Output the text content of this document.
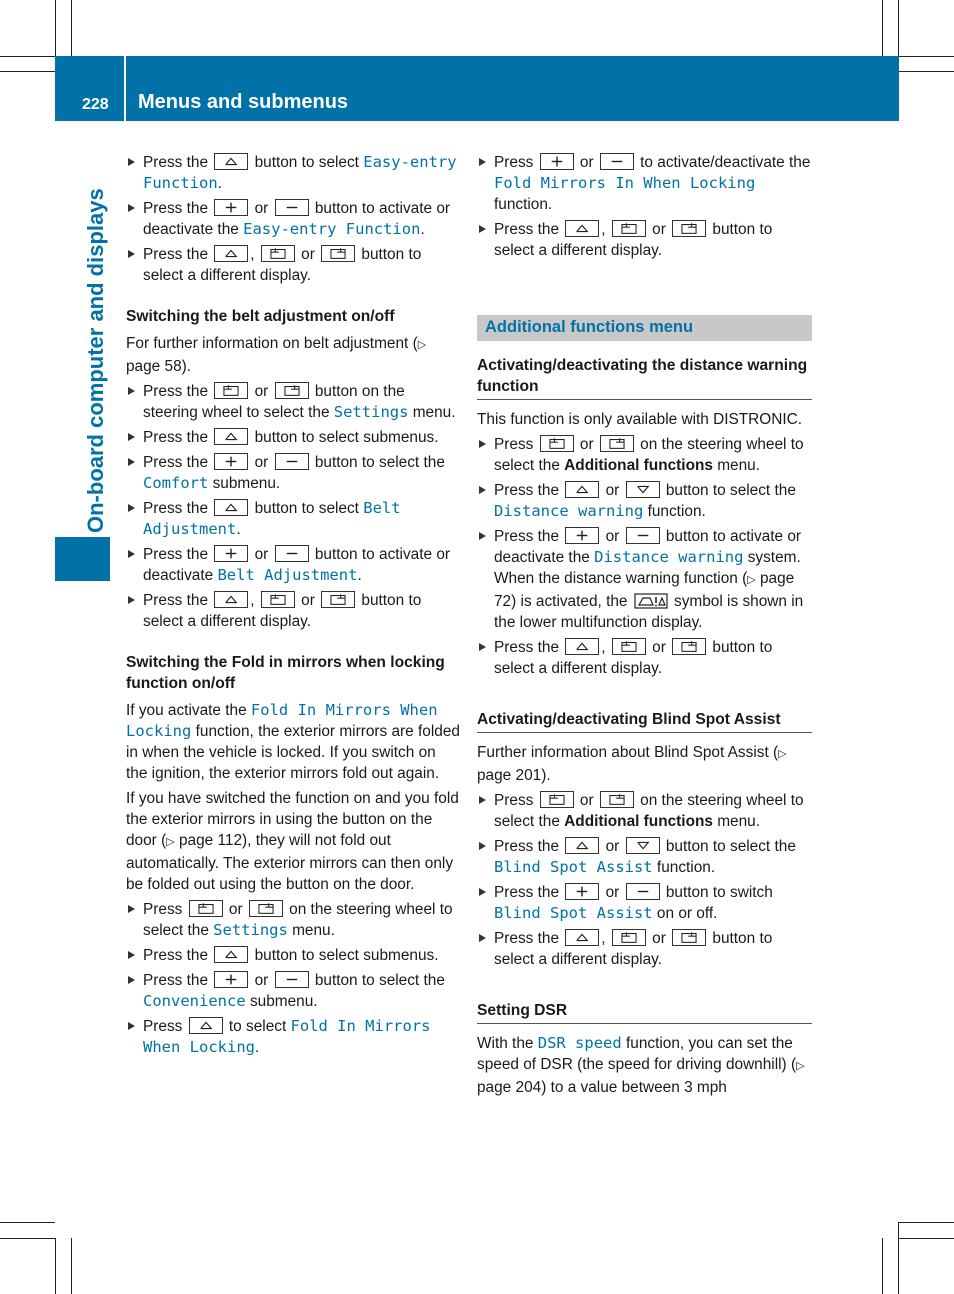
228 Menus and submenus
On-board computer and displays
Press the	button to select Easy-entry Function.
Press the	or	button to activate or deactivate the Easy-entry Function.
Press the	,	or	button to select a different display.
Switching the belt adjustment on/off
For further information on belt adjustment (▷ page 58).
Press the	or	button on the steering wheel to select the Settings menu.
Press the	button to select submenus.
Press the	or	button to select the Comfort submenu.
Press the	button to select Belt Adjustment.
Press the	or	button to activate or deactivate Belt Adjustment.
Press the	,	or	button to select a different display.
Switching the Fold in mirrors when locking function on/off
If you activate the Fold In Mirrors When Locking function, the exterior mirrors are folded in when the vehicle is locked. If you switch on the ignition, the exterior mirrors fold out again.
If you have switched the function on and you fold the exterior mirrors in using the button on the door (▷ page 112), they will not fold out automatically. The exterior mirrors can then only be folded out using the button on the door.
Press	or	on the steering wheel to select the Settings menu.
Press the	button to select submenus.
Press the	or	button to select the Convenience submenu.
Press	to select Fold In Mirrors When Locking.
Press	or	to activate/deactivate the Fold Mirrors In When Locking function.
Press the	,	or	button to select a different display.
Additional functions menu
Activating/deactivating the distance warning function
This function is only available with DISTRONIC.
Press	or	on the steering wheel to select the Additional functions menu.
Press the	or	button to select the Distance warning function.
Press the	or	button to activate or deactivate the Distance warning system.
When the distance warning function (▷ page 72) is activated, the	symbol is shown in the lower multifunction display.
Press the	,	or	button to select a different display.
Activating/deactivating Blind Spot Assist
Further information about Blind Spot Assist (▷ page 201).
Press	or	on the steering wheel to select the Additional functions menu.
Press the	or	button to select the Blind Spot Assist function.
Press the	or	button to switch Blind Spot Assist on or off.
Press the	,	or	button to select a different display.
Setting DSR
With the DSR speed function, you can set the speed of DSR (the speed for driving downhill) (▷ page 204) to a value between 3 mph
